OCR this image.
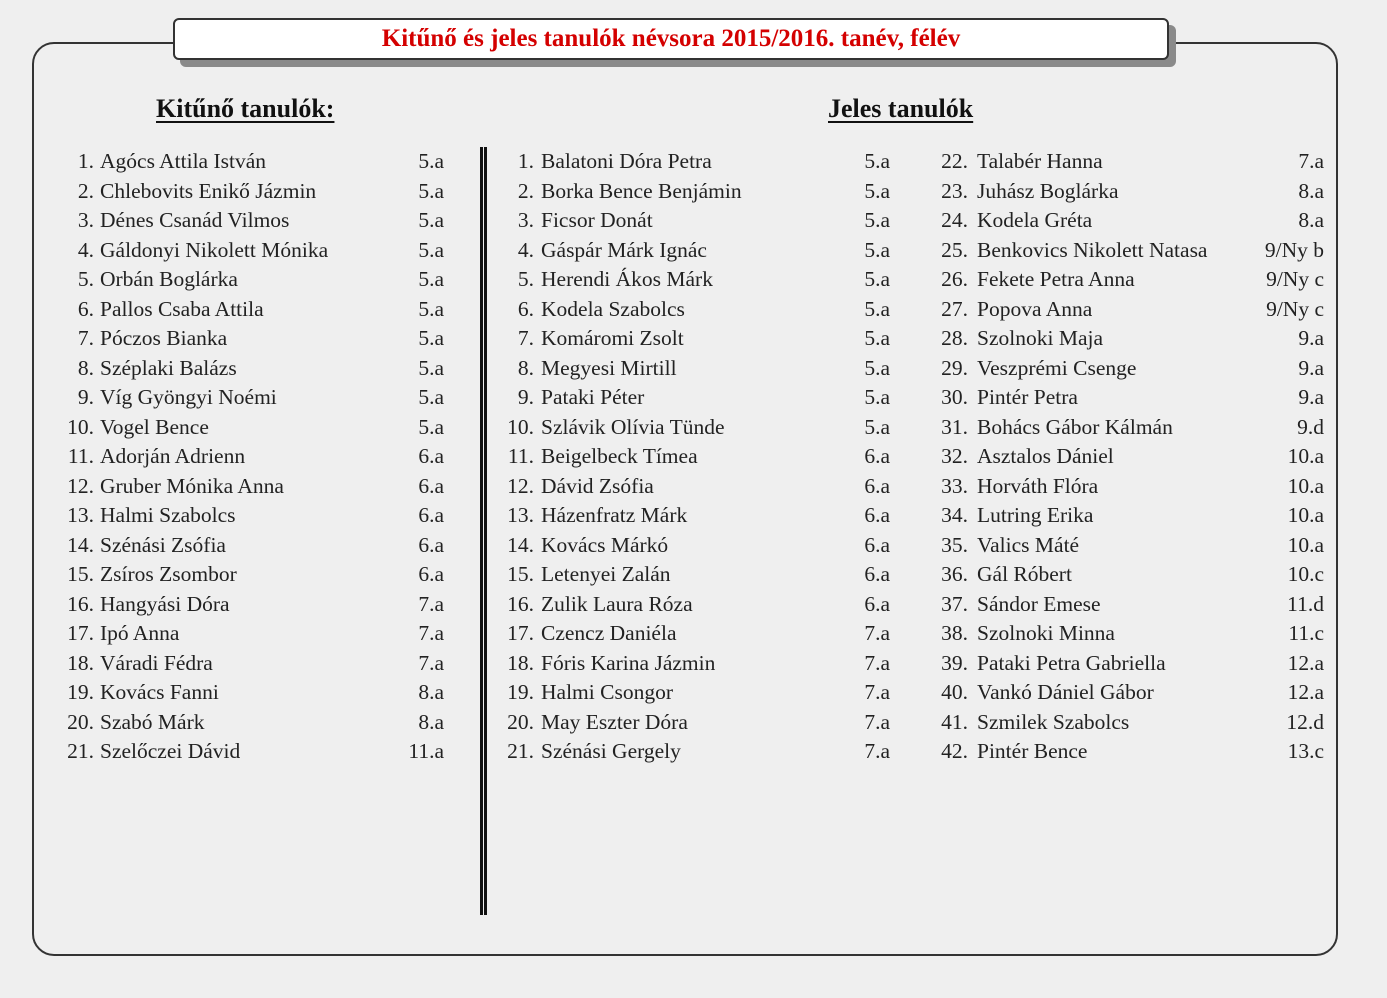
Kitűnő és jeles tanulók névsora 2015/2016. tanév, félév
Kitűnő tanulók:	Jeles tanulók
1. Agócs Attila István	5.a
2. Chlebovits Enikő Jázmin	5.a
3. Dénes Csanád Vilmos	5.a
4. Gáldonyi Nikolett Mónika	5.a
5. Orbán Boglárka	5.a
6. Pallos Csaba Attila	5.a
7. Póczos Bianka	5.a
8. Széplaki Balázs	5.a
9. Víg Gyöngyi Noémi	5.a
10. Vogel Bence	5.a
11. Adorján Adrienn	6.a
12. Gruber Mónika Anna	6.a
13. Halmi Szabolcs	6.a
14. Szénási Zsófia	6.a
15. Zsíros Zsombor	6.a
16. Hangyási Dóra	7.a
17. Ipó Anna	7.a
18. Váradi Fédra	7.a
19. Kovács Fanni	8.a
20. Szabó Márk	8.a
21. Szelőczei Dávid	11.a
1. Balatoni Dóra Petra	5.a
2. Borka Bence Benjámin	5.a
3. Ficsor Donát	5.a
4. Gáspár Márk Ignác	5.a
5. Herendi Ákos Márk	5.a
6. Kodela Szabolcs	5.a
7. Komáromi Zsolt	5.a
8. Megyesi Mirtill	5.a
9. Pataki Péter	5.a
10. Szlávik Olívia Tünde	5.a
11. Beigelbeck Tímea	6.a
12. Dávid Zsófia	6.a
13. Házenfratz Márk	6.a
14. Kovács Márkó	6.a
15. Letenyei Zalán	6.a
16. Zulik Laura Róza	6.a
17. Czencz Daniéla	7.a
18. Fóris Karina Jázmin	7.a
19. Halmi Csongor	7.a
20. May Eszter Dóra	7.a
21. Szénási Gergely	7.a
22. Talabér Hanna	7.a
23. Juhász Boglárka	8.a
24. Kodela Gréta	8.a
25. Benkovics Nikolett Natasa	9/Ny b
26. Fekete Petra Anna	9/Ny c
27. Popova Anna	9/Ny c
28. Szolnoki Maja	9.a
29. Veszprémi Csenge	9.a
30. Pintér Petra	9.a
31. Bohács Gábor Kálmán	9.d
32. Asztalos Dániel	10.a
33. Horváth Flóra	10.a
34. Lutring Erika	10.a
35. Valics Máté	10.a
36. Gál Róbert	10.c
37. Sándor Emese	11.d
38. Szolnoki Minna	11.c
39. Pataki Petra Gabriella	12.a
40. Vankó Dániel Gábor	12.a
41. Szmilek Szabolcs	12.d
42. Pintér Bence	13.c
